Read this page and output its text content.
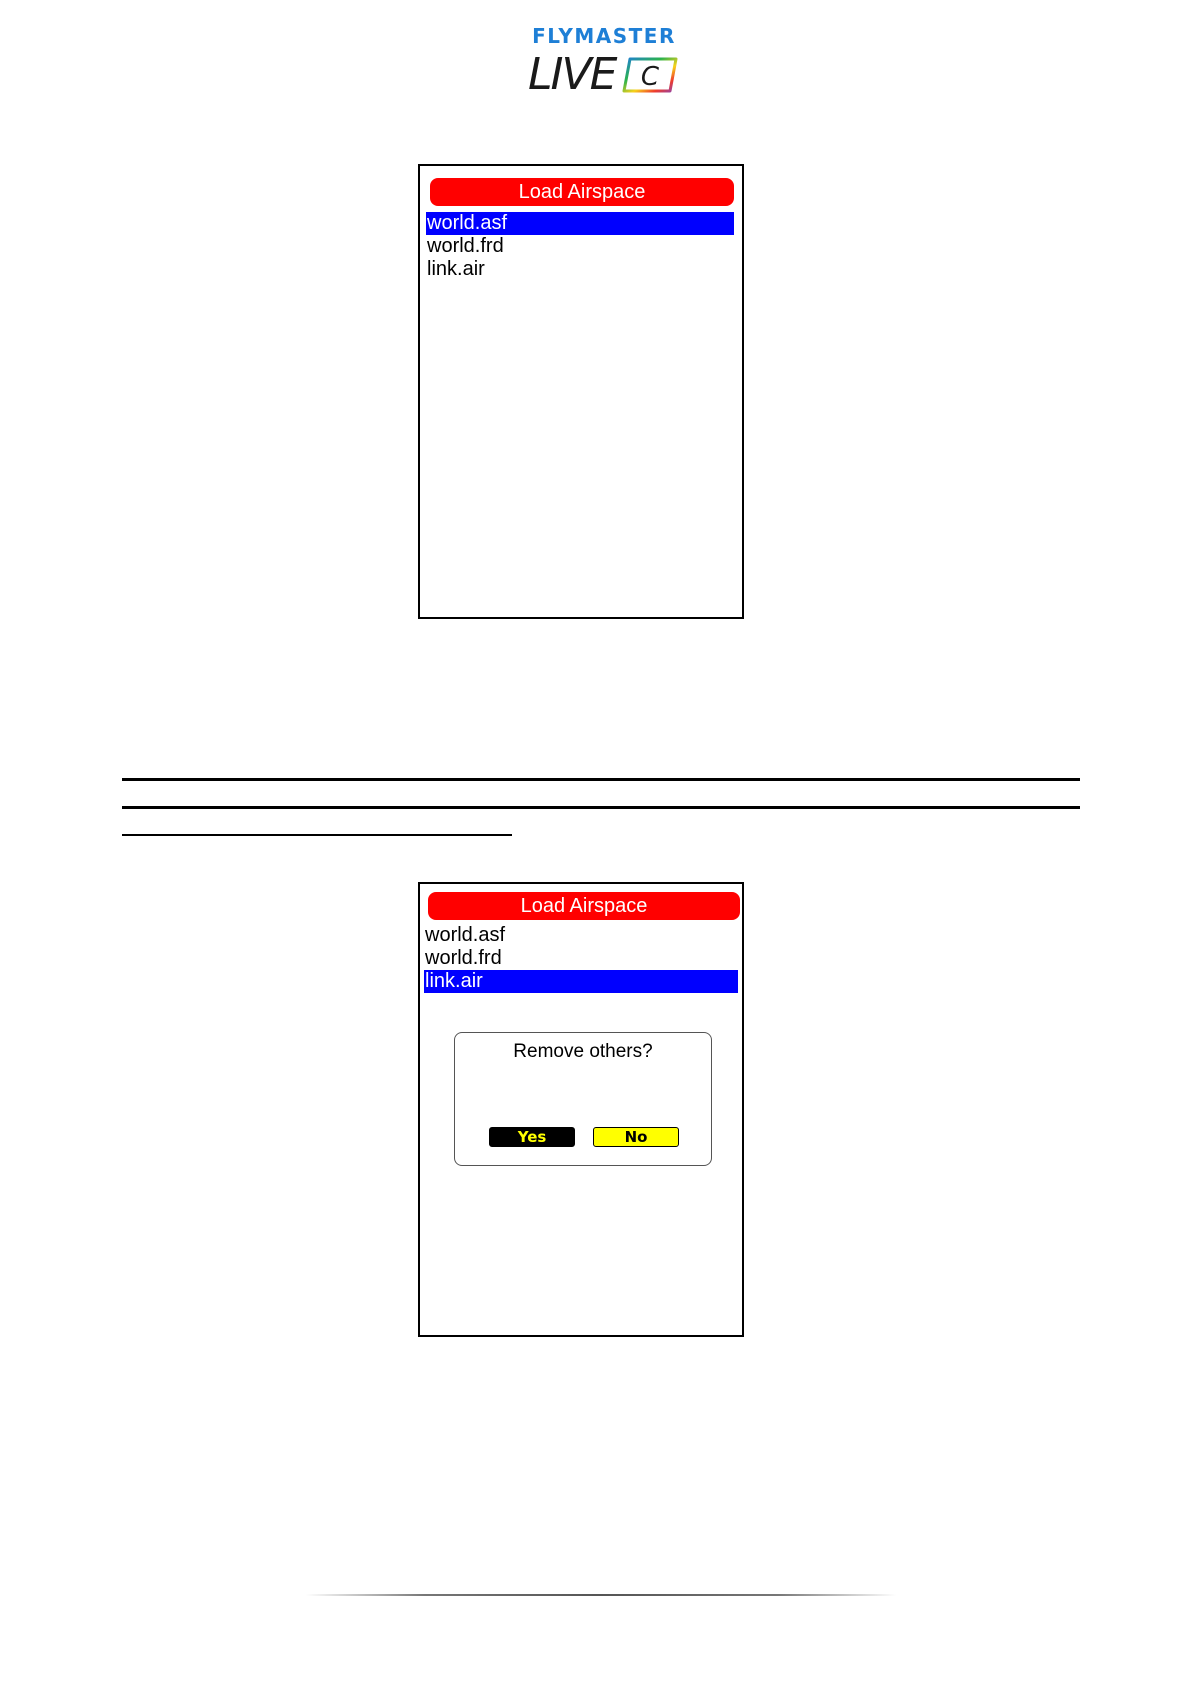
FLYMASTER
LIVE C
Load Airspace
world.asf
world.frd
link.air
Load Airspace
world.asf
world.frd
link.air
Remove others?
Yes	No
